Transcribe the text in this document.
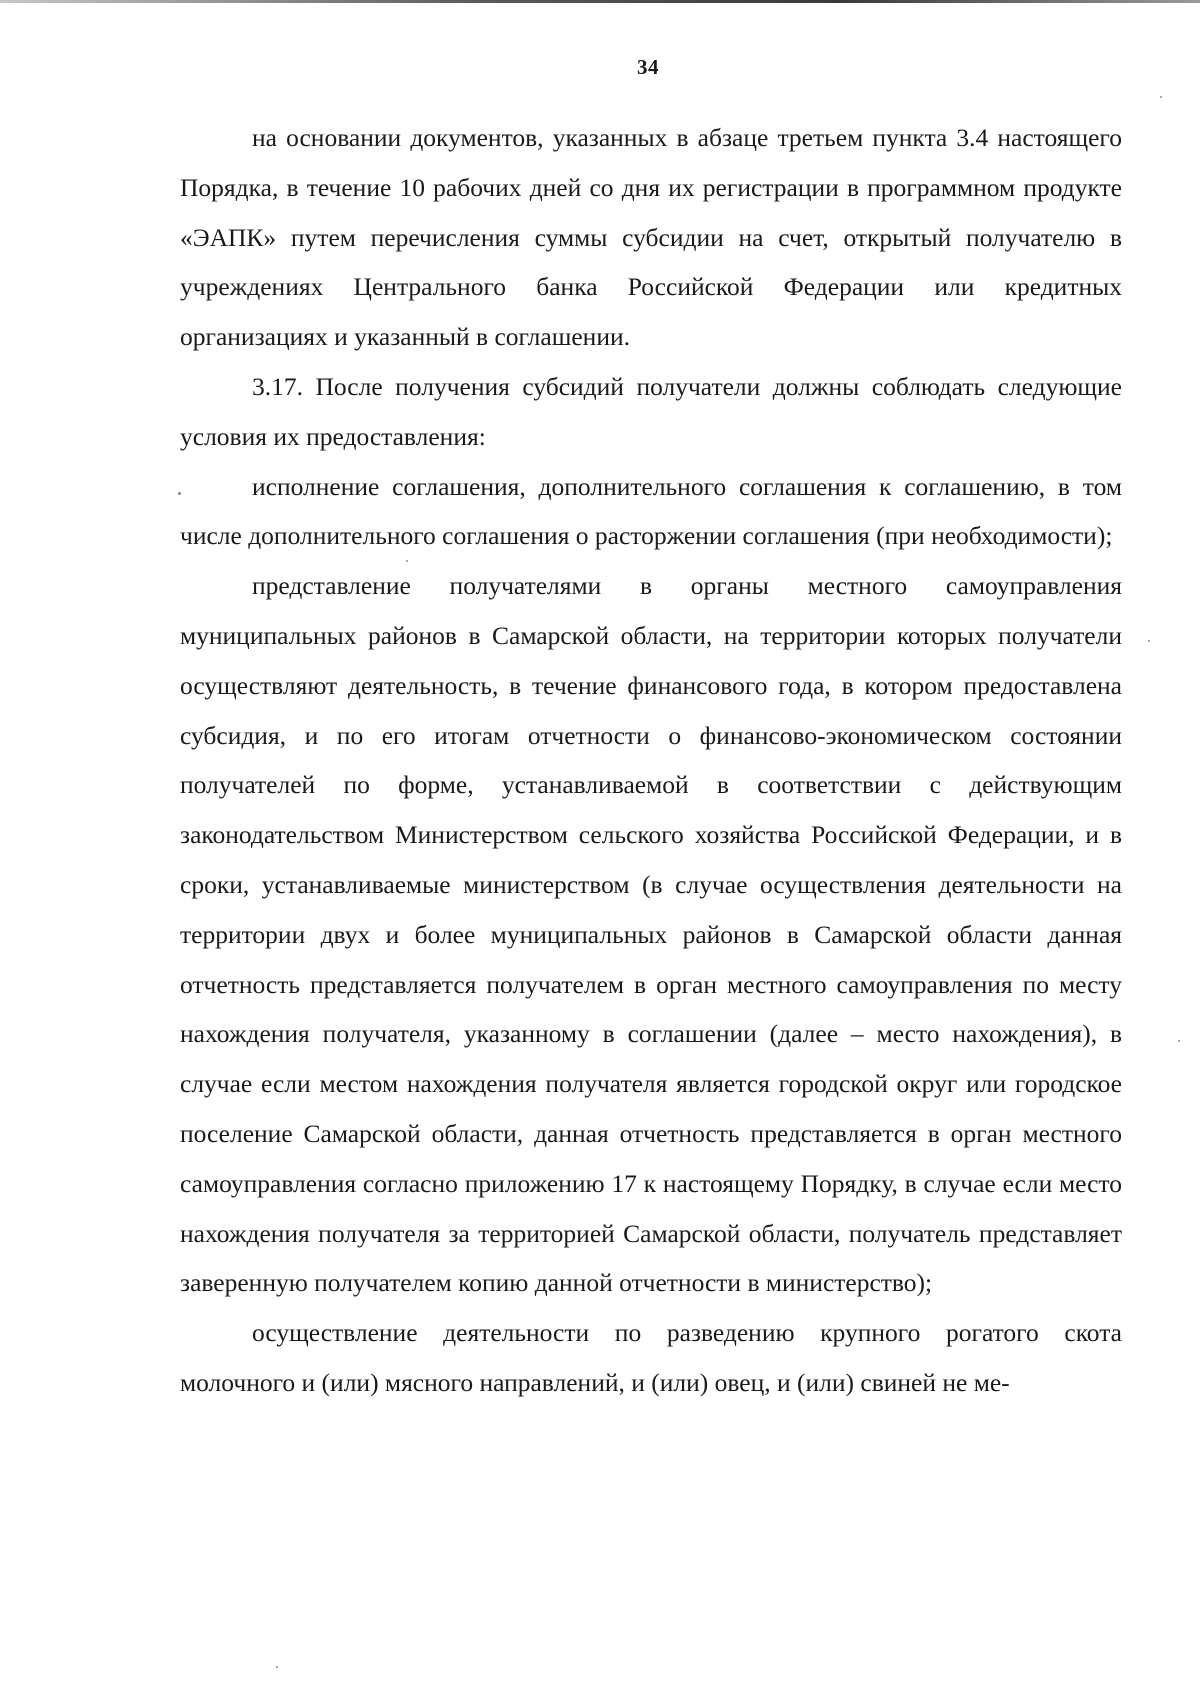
34

на основании документов, указанных в абзаце третьем пункта 3.4 настоящего Порядка, в течение 10 рабочих дней со дня их регистрации в программном продукте «ЭАПК» путем перечисления суммы субсидии на счет, открытый получателю в учреждениях Центрального банка Российской Федерации или кредитных организациях и указанный в соглашении.

3.17. После получения субсидий получатели должны соблюдать следующие условия их предоставления:

исполнение соглашения, дополнительного соглашения к соглашению, в том числе дополнительного соглашения о расторжении соглашения (при необходимости);

представление получателями в органы местного самоуправления муниципальных районов в Самарской области, на территории которых получатели осуществляют деятельность, в течение финансового года, в котором предоставлена субсидия, и по его итогам отчетности о финансово-экономическом состоянии получателей по форме, устанавливаемой в соответствии с действующим законодательством Министерством сельского хозяйства Российской Федерации, и в сроки, устанавливаемые министерством (в случае осуществления деятельности на территории двух и более муниципальных районов в Самарской области данная отчетность представляется получателем в орган местного самоуправления по месту нахождения получателя, указанному в соглашении (далее – место нахождения), в случае если местом нахождения получателя является городской округ или городское поселение Самарской области, данная отчетность представляется в орган местного самоуправления согласно приложению 17 к настоящему Порядку, в случае если место нахождения получателя за территорией Самарской области, получатель представляет заверенную получателем копию данной отчетности в министерство);

осуществление деятельности по разведению крупного рогатого скота молочного и (или) мясного направлений, и (или) овец, и (или) свиней не ме-
